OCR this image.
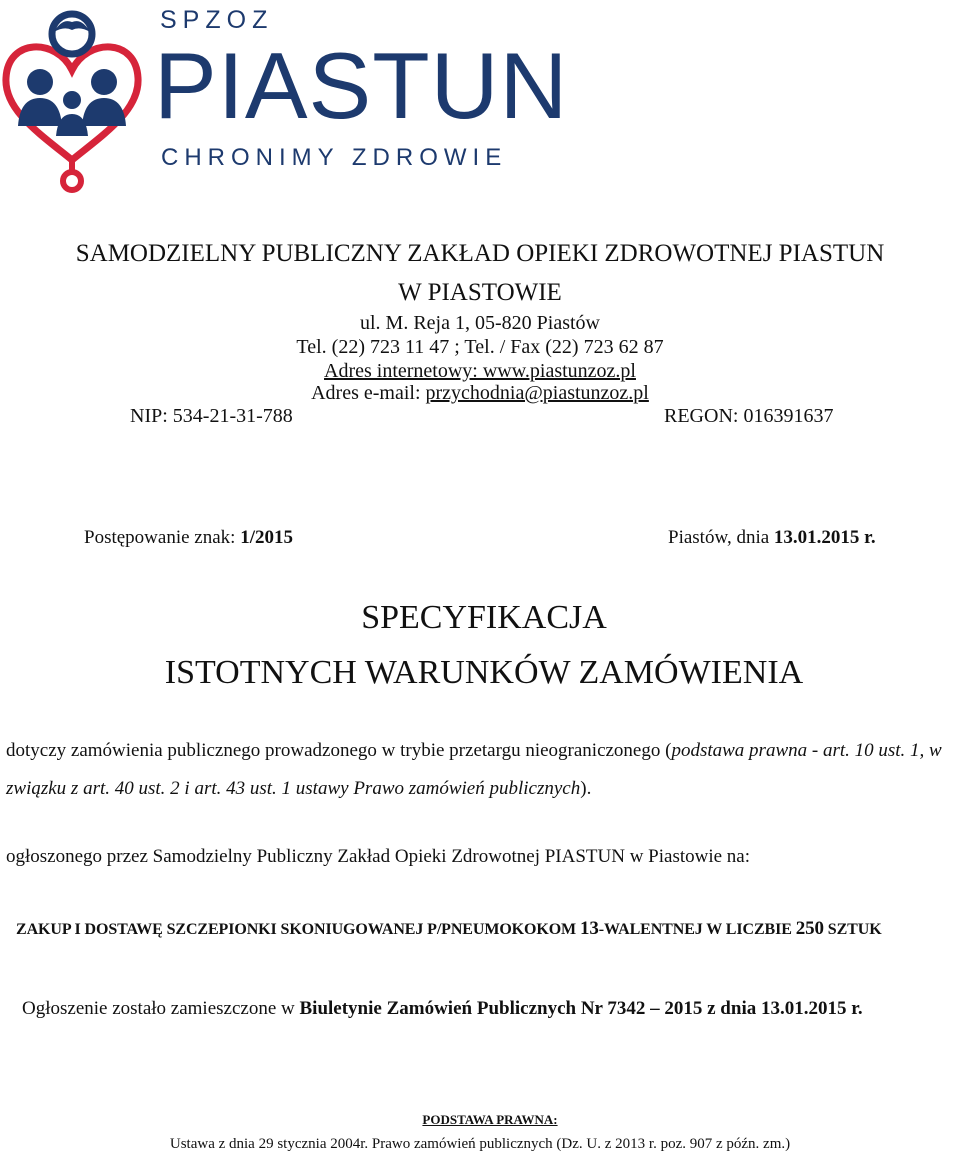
SPZOZ
PIASTUN
CHRONIMY ZDROWIE
SAMODZIELNY PUBLICZNY ZAKŁAD OPIEKI ZDROWOTNEJ PIASTUN
W PIASTOWIE
ul. M. Reja 1, 05-820 Piastów
Tel. (22) 723 11 47 ; Tel. / Fax (22) 723 62 87
Adres internetowy: www.piastunzoz.pl
Adres e-mail: przychodnia@piastunzoz.pl
NIP: 534-21-31-788	REGON: 016391637
Postępowanie znak: 1/2015	Piastów, dnia 13.01.2015 r.
SPECYFIKACJA
ISTOTNYCH WARUNKÓW ZAMÓWIENIA
dotyczy zamówienia publicznego prowadzonego w trybie przetargu nieograniczonego (podstawa prawna - art. 10 ust. 1, w
związku z art. 40 ust. 2 i art. 43 ust. 1 ustawy Prawo zamówień publicznych).
ogłoszonego przez Samodzielny Publiczny Zakład Opieki Zdrowotnej PIASTUN w Piastowie na:
ZAKUP I DOSTAWĘ SZCZEPIONKI SKONIUGOWANEJ P/PNEUMOKOKOM 13-WALENTNEJ W LICZBIE 250 SZTUK
Ogłoszenie zostało zamieszczone w Biuletynie Zamówień Publicznych Nr 7342 – 2015 z dnia 13.01.2015 r.
PODSTAWA PRAWNA:
Ustawa z dnia 29 stycznia 2004r. Prawo zamówień publicznych (Dz. U. z 2013 r. poz. 907 z późn. zm.)
